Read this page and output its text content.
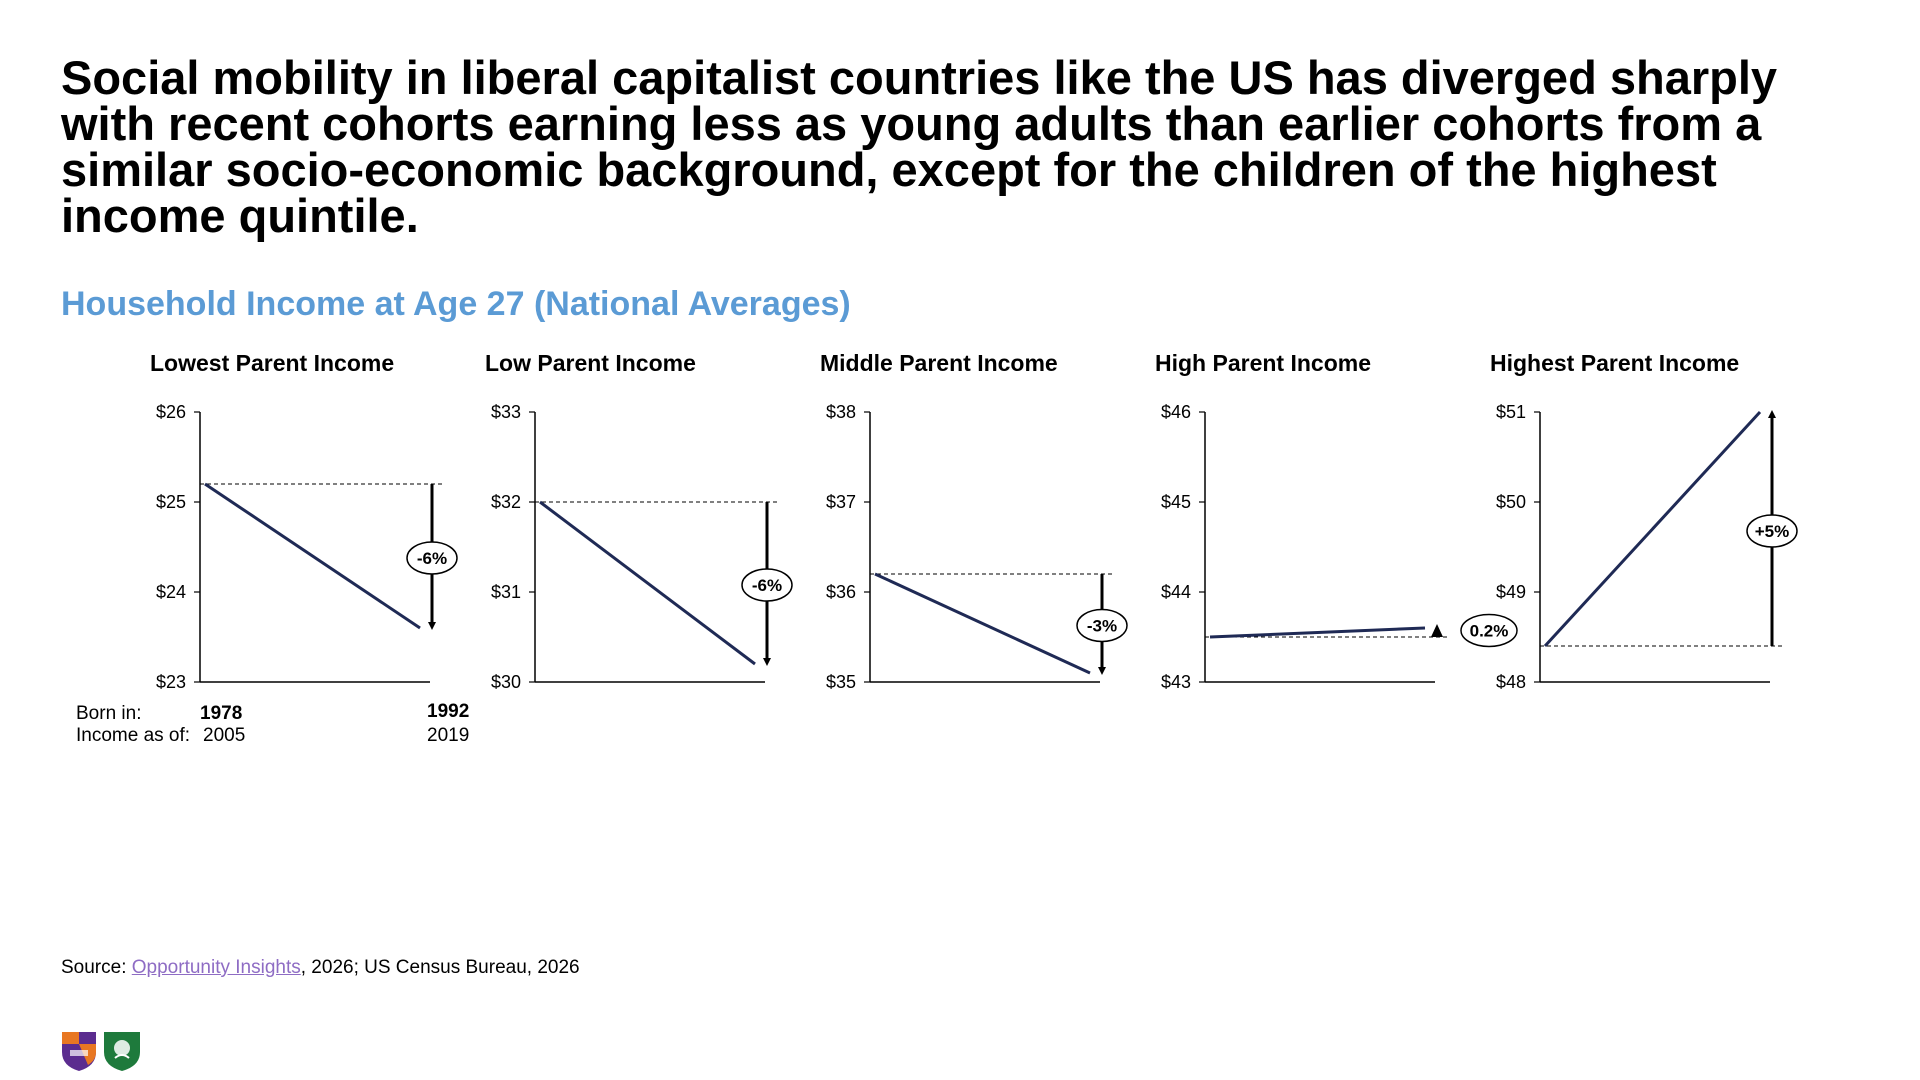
Social mobility in liberal capitalist countries like the US has diverged sharply with recent cohorts earning less as young adults than earlier cohorts from a similar socio-economic background, except for the children of the highest income quintile.
Household Income at Age 27 (National Averages)
Lowest Parent Income	Low Parent Income	Middle Parent Income	High Parent Income	Highest Parent Income
$23
$24
$25
$26
-6%
$30
$31
$32
$33
-6%
$35
$36
$37
$38
-3%
$43
$44
$45
$46
0.2%
$48
$49
$50
$51
+5%
Born in:
Income as of:
1978
2005
1992
2019
Source: Opportunity Insights, 2026; US Census Bureau, 2026
